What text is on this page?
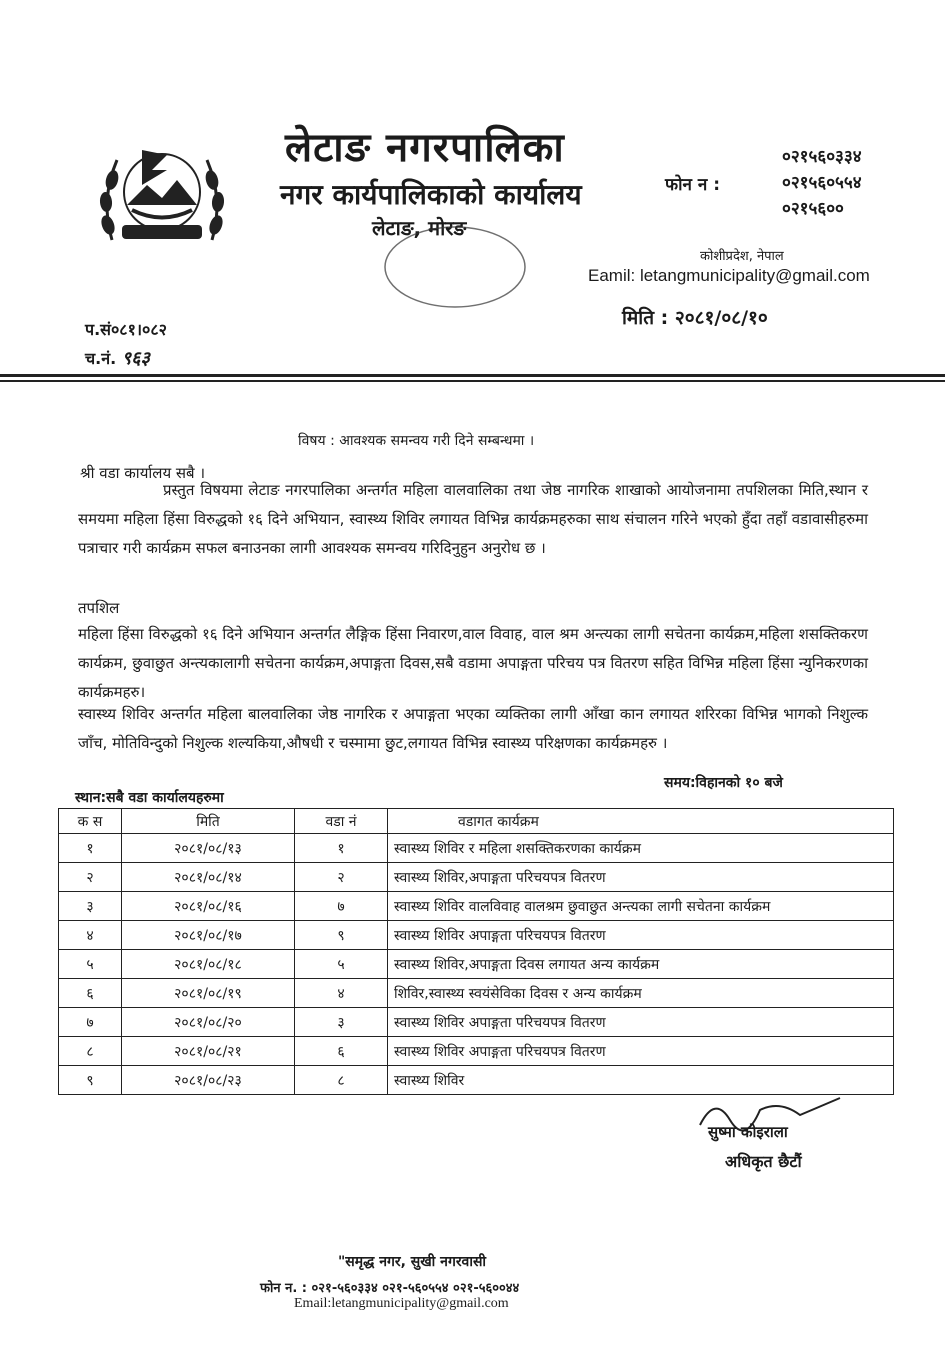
लेटाङ नगरपालिका
नगर कार्यपालिकाको कार्यालय
लेटाङ, मोरङ
फोन न :
०२१५६०३३४
०२१५६०५५४
०२१५६००
कोशीप्रदेश, नेपाल
Eamil: letangmunicipality@gmail.com
मिति : २०८१/०८/१०
प.सं०८१।०८२
च.नं. ९६३
विषय : आवश्यक समन्वय गरी दिने सम्बन्धमा ।
श्री वडा कार्यालय सबै ।
प्रस्तुत विषयमा लेटाङ नगरपालिका अन्तर्गत महिला वालवालिका तथा जेष्ठ नागरिक शाखाको आयोजनामा तपशिलका मिति,स्थान र समयमा महिला हिंसा विरुद्धको १६ दिने अभियान, स्वास्थ्य शिविर लगायत विभिन्न कार्यक्रमहरुका साथ संचालन गरिने भएको हुँदा तहाँ वडावासीहरुमा पत्राचार गरी कार्यक्रम सफल बनाउनका लागी आवश्यक समन्वय गरिदिनुहुन अनुरोध छ ।
तपशिल
महिला हिंसा विरुद्धको १६ दिने अभियान अन्तर्गत लैङ्गिक हिंसा निवारण,वाल विवाह, वाल श्रम अन्त्यका लागी सचेतना कार्यक्रम,महिला शसक्तिकरण कार्यक्रम, छुवाछुत अन्त्यकालागी सचेतना कार्यक्रम,अपाङ्गता दिवस,सबै वडामा अपाङ्गता परिचय पत्र वितरण सहित विभिन्न महिला हिंसा न्युनिकरणका कार्यक्रमहरु।
स्वास्थ्य शिविर अन्तर्गत महिला बालवालिका जेष्ठ नागरिक र अपाङ्गता भएका व्यक्तिका लागी आँखा कान लगायत शरिरका विभिन्न भागको निशुल्क जाँच, मोतिविन्दुको निशुल्क शल्यकिया,औषधी र चस्मामा छुट,लगायत विभिन्न स्वास्थ्य परिक्षणका कार्यक्रमहरु ।
समय:विहानको १० बजे
स्थान:सबै वडा कार्यालयहरुमा
क स	मिति	वडा नं	वडागत कार्यक्रम
१	२०८१/०८/१३	१	स्वास्थ्य शिविर र महिला शसक्तिकरणका कार्यक्रम
२	२०८१/०८/१४	२	स्वास्थ्य शिविर,अपाङ्गता परिचयपत्र वितरण
३	२०८१/०८/१६	७	स्वास्थ्य शिविर वालविवाह वालश्रम छुवाछुत अन्त्यका लागी सचेतना कार्यक्रम
४	२०८१/०८/१७	९	स्वास्थ्य शिविर अपाङ्गता परिचयपत्र वितरण
५	२०८१/०८/१८	५	स्वास्थ्य शिविर,अपाङ्गता दिवस लगायत अन्य कार्यक्रम
६	२०८१/०८/१९	४	शिविर,स्वास्थ्य स्वयंसेविका दिवस र अन्य कार्यक्रम
७	२०८१/०८/२०	३	स्वास्थ्य शिविर अपाङ्गता परिचयपत्र वितरण
८	२०८१/०८/२१	६	स्वास्थ्य शिविर अपाङ्गता परिचयपत्र वितरण
९	२०८१/०८/२३	८	स्वास्थ्य शिविर
सुष्मा कोइराला
अधिकृत छैटौं
"समृद्ध नगर, सुखी नगरवासी
फोन न. : ०२१-५६०३३४ ०२१-५६०५५४ ०२१-५६००४४
Email:letangmunicipality@gmail.com
